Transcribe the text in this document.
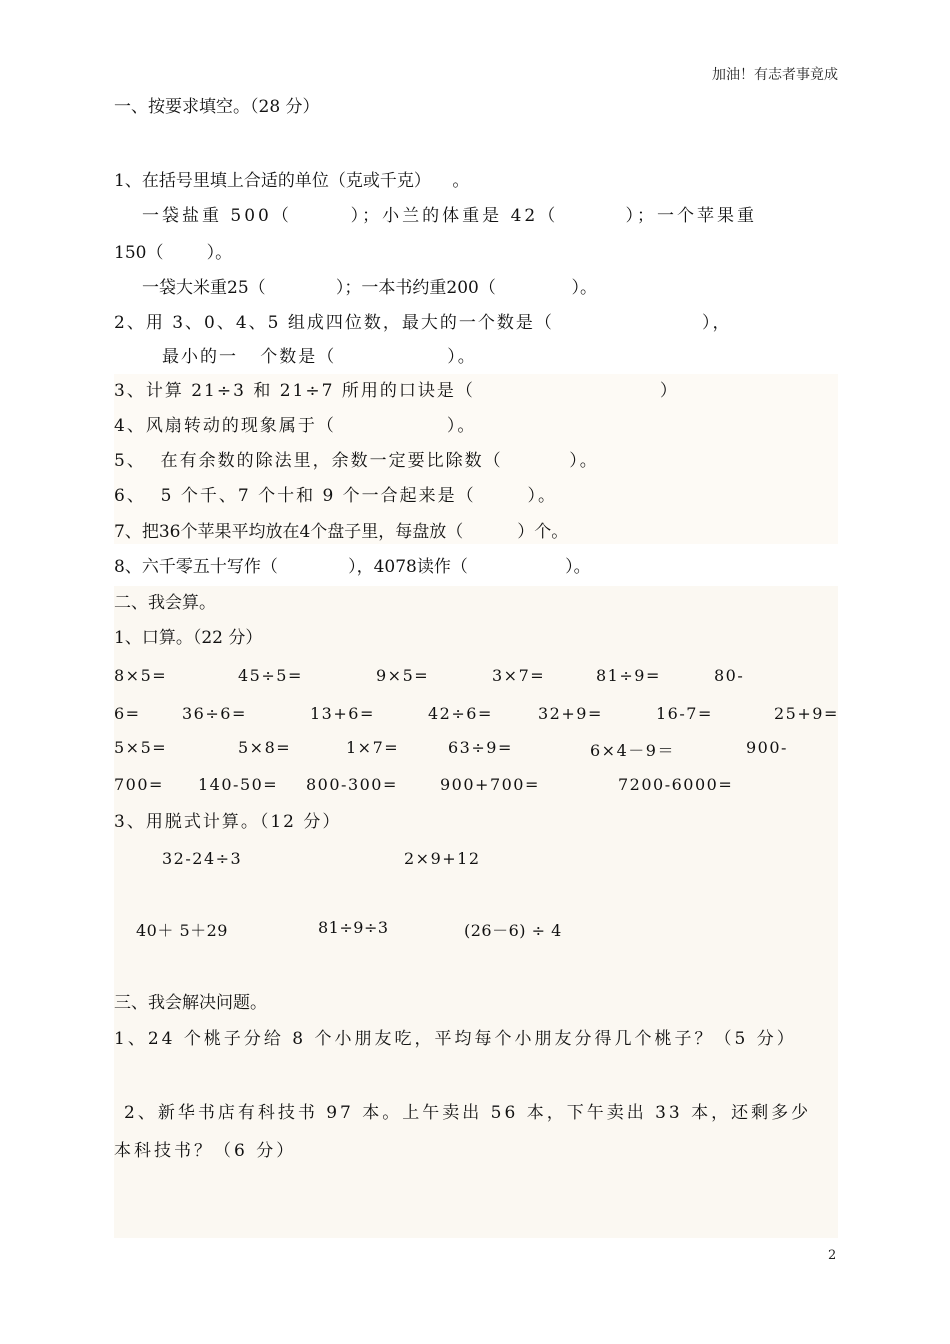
加油！有志者事竟成
一、按要求填空。（28 分）
1、在括号里填上合适的单位（克或千克）    。
一袋盐重 500（       ）；小兰的体重是 42（        ）；一个苹果重
150（        ）。
一袋大米重25（             ）；一本书约重200（              ）。
2、用 3、0、4、5 组成四位数，最大的一个数是（                    ），
最小的一   个数是（               ）。
3、计算 21÷3 和 21÷7 所用的口诀是（                         ）
4、风扇转动的现象属于（               ）。
5、  在有余数的除法里，余数一定要比除数（         ）。
6、  5 个千、7 个十和 9 个一合起来是（       ）。
7、把36个苹果平均放在4个盘子里，每盘放（          ）个。
8、六千零五十写作（             ），4078读作（                  ）。
二、我会算。
1、口算。（22 分）
8×5=	45÷5=	9×5=	3×7=	81÷9=	80-
6=	36÷6=	13+6=	42÷6=	32+9=	16-7=	25+9=
5×5=	5×8=	1×7=	63÷9=	6×4－9＝	900-
700= 140-50= 800-300=	900+700=	7200-6000=
3、用脱式计算。（12 分）
32-24÷3	2×9+12
40＋ 5＋29	81÷9÷3	(26－6) ÷ 4
三、我会解决问题。
1、24 个桃子分给 8 个小朋友吃，平均每个小朋友分得几个桃子？（5 分）
2、新华书店有科技书 97 本。上午卖出 56 本，下午卖出 33 本，还剩多少
本科技书？（6 分）
2
